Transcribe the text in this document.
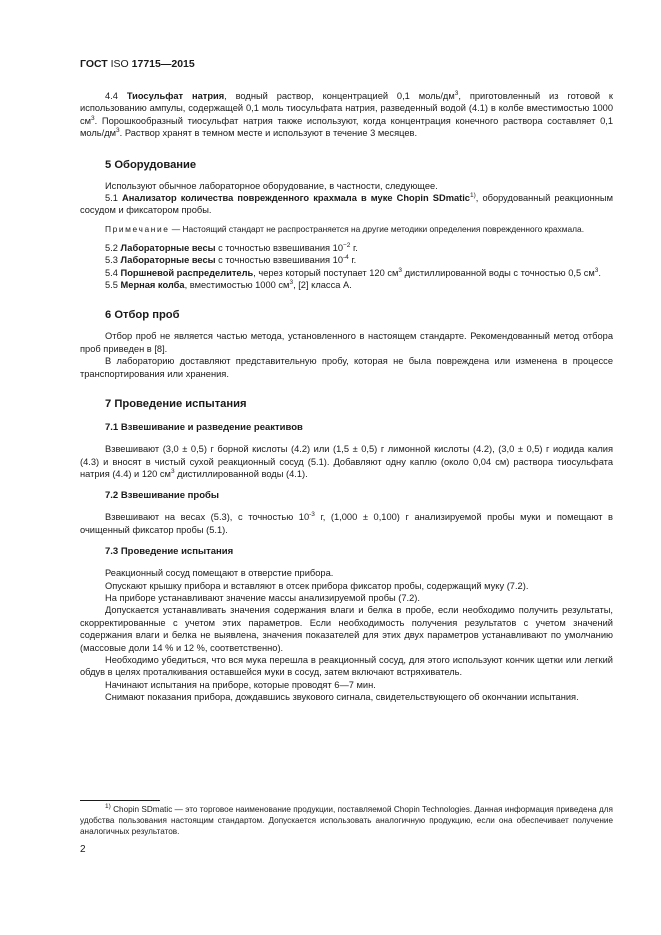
ГОСТ ISO 17715—2015

4.4 Тиосульфат натрия, водный раствор, концентрацией 0,1 моль/$дм^3$, приготовленный из готовой к использованию ампулы, содержащей 0,1 моль тиосульфата натрия, разведенный водой (4.1) в колбе вместимостью 1000 $см^3$. Порошкообразный тиосульфат натрия также используют, когда концентрация конечного раствора составляет 0,1 моль/$дм^3$. Раствор хранят в темном месте и используют в течение 3 месяцев.

5 Оборудование

Используют обычное лабораторное оборудование, в частности, следующее.

5.1 Анализатор количества поврежденного крахмала в муке Chopin SDmatic$^{1)}$, оборудованный реакционным сосудом и фиксатором пробы.

Примечание — Настоящий стандарт не распространяется на другие методики определения поврежденного крахмала.

5.2 Лабораторные весы с точностью взвешивания $10^{-2}$ г.

5.3 Лабораторные весы с точностью взвешивания $10^{-4}$ г.

5.4 Поршневой распределитель, через который поступает 120 $см^3$ дистиллированной воды с точностью 0,5 $см^3$.

5.5 Мерная колба, вместимостью 1000 $см^3$, [2] класса А.

6 Отбор проб

Отбор проб не является частью метода, установленного в настоящем стандарте. Рекомендованный метод отбора проб приведен в [8].

В лабораторию доставляют представительную пробу, которая не была повреждена или изменена в процессе транспортирования или хранения.

7 Проведение испытания
7.1 Взвешивание и разведение реактивов

Взвешивают (3,0 ± 0,5) г борной кислоты (4.2) или (1,5 ± 0,5) г лимонной кислоты (4.2), (3,0 ± 0,5) г иодида калия (4.3) и вносят в чистый сухой реакционный сосуд (5.1). Добавляют одну каплю (около 0,04 см) раствора тиосульфата натрия (4.4) и 120 $см^3$ дистиллированной воды (4.1).

7.2 Взвешивание пробы

Взвешивают на весах (5.3), с точностью $10^{-3}$ г, (1,000 ± 0,100) г анализируемой пробы муки и помещают в очищенный фиксатор пробы (5.1).

7.3 Проведение испытания

Реакционный сосуд помещают в отверстие прибора.

Опускают крышку прибора и вставляют в отсек прибора фиксатор пробы, содержащий муку (7.2).

На приборе устанавливают значение массы анализируемой пробы (7.2).

Допускается устанавливать значения содержания влаги и белка в пробе, если необходимо получить результаты, скорректированные с учетом этих параметров. Если необходимость получения результатов с учетом значений содержания влаги и белка не выявлена, значения показателей для этих двух параметров устанавливают по умолчанию (массовые доли 14 % и 12 %, соответственно).

Необходимо убедиться, что вся мука перешла в реакционный сосуд, для этого используют кончик щетки или легкий обдув в целях проталкивания оставшейся муки в сосуд, затем включают встряхиватель.

Начинают испытания на приборе, которые проводят 6—7 мин.

Снимают показания прибора, дождавшись звукового сигнала, свидетельствующего об окончании испытания.

$^{1)}$ Chopin SDmatic — это торговое наименование продукции, поставляемой Chopin Technologies. Данная информация приведена для удобства пользования настоящим стандартом. Допускается использовать аналогичную продукцию, если она обеспечивает получение аналогичных результатов.

2
